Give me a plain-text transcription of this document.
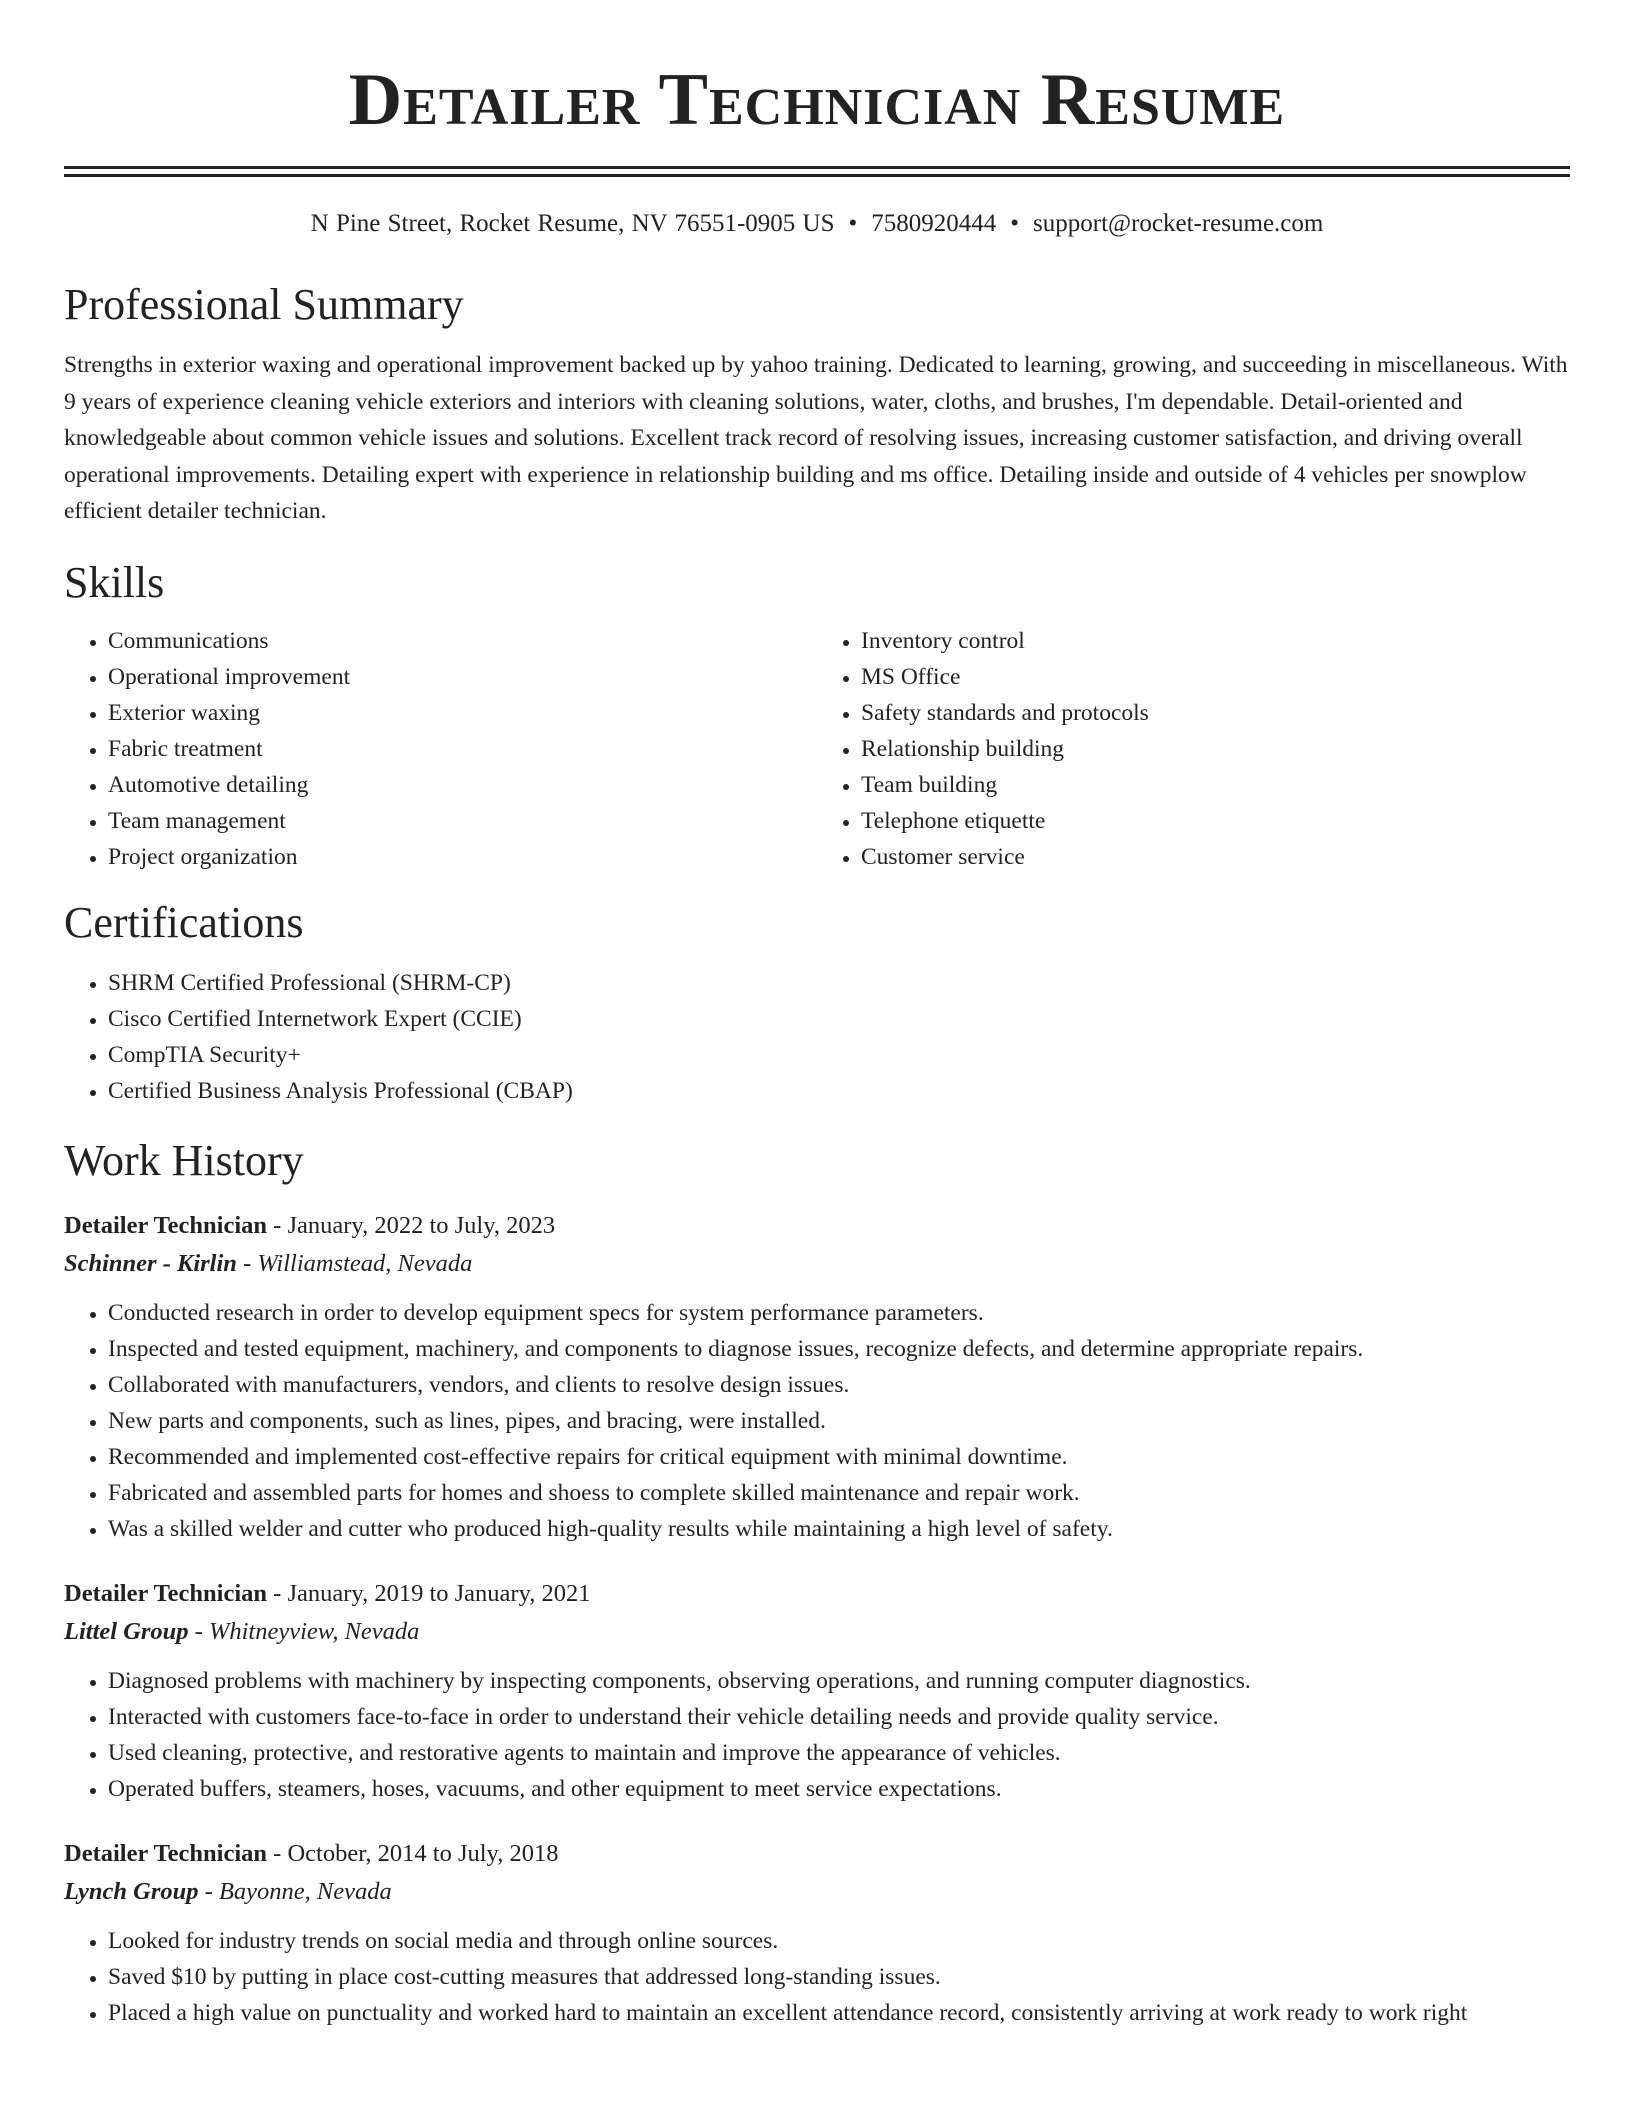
Detailer Technician Resume
N Pine Street, Rocket Resume, NV 76551-0905 US • 7580920444 • support@rocket-resume.com
Professional Summary

Strengths in exterior waxing and operational improvement backed up by yahoo training. Dedicated to learning, growing, and succeeding in miscellaneous. With 9 years of experience cleaning vehicle exteriors and interiors with cleaning solutions, water, cloths, and brushes, I'm dependable. Detail-oriented and knowledgeable about common vehicle issues and solutions. Excellent track record of resolving issues, increasing customer satisfaction, and driving overall operational improvements. Detailing expert with experience in relationship building and ms office. Detailing inside and outside of 4 vehicles per snowplow efficient detailer technician.

Skills
• Communications
• Operational improvement
• Exterior waxing
• Fabric treatment
• Automotive detailing
• Team management
• Project organization
• Inventory control
• MS Office
• Safety standards and protocols
• Relationship building
• Team building
• Telephone etiquette
• Customer service
Certifications
• SHRM Certified Professional (SHRM-CP)
• Cisco Certified Internetwork Expert (CCIE)
• CompTIA Security+
• Certified Business Analysis Professional (CBAP)
Work History
Detailer Technician - January, 2022 to July, 2023
Schinner - Kirlin - Williamstead, Nevada
• Conducted research in order to develop equipment specs for system performance parameters.
• Inspected and tested equipment, machinery, and components to diagnose issues, recognize defects, and determine appropriate repairs.
• Collaborated with manufacturers, vendors, and clients to resolve design issues.
• New parts and components, such as lines, pipes, and bracing, were installed.
• Recommended and implemented cost-effective repairs for critical equipment with minimal downtime.
• Fabricated and assembled parts for homes and shoess to complete skilled maintenance and repair work.
• Was a skilled welder and cutter who produced high-quality results while maintaining a high level of safety.
Detailer Technician - January, 2019 to January, 2021
Littel Group - Whitneyview, Nevada
• Diagnosed problems with machinery by inspecting components, observing operations, and running computer diagnostics.
• Interacted with customers face-to-face in order to understand their vehicle detailing needs and provide quality service.
• Used cleaning, protective, and restorative agents to maintain and improve the appearance of vehicles.
• Operated buffers, steamers, hoses, vacuums, and other equipment to meet service expectations.
Detailer Technician - October, 2014 to July, 2018
Lynch Group - Bayonne, Nevada
• Looked for industry trends on social media and through online sources.
• Saved $10 by putting in place cost-cutting measures that addressed long-standing issues.
• Placed a high value on punctuality and worked hard to maintain an excellent attendance record, consistently arriving at work ready to work right
